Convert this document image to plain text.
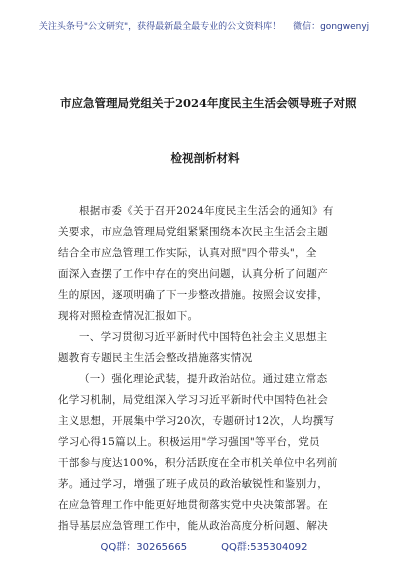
关注头条号"公文研究"，获得最新最全最专业的公文资料库！ 微信：gongwenyj
市应急管理局党组关于2024年度民主生活会领导班子对照
检视剖析材料
根据市委《关于召开2024年度民主生活会的通知》有
关要求，市应急管理局党组紧紧围绕本次民主生活会主题
结合全市应急管理工作实际，认真对照"四个带头"，全
面深入查摆了工作中存在的突出问题，认真分析了问题产
生的原因，逐项明确了下一步整改措施。按照会议安排，
现将对照检查情况汇报如下。
一、学习贯彻习近平新时代中国特色社会主义思想主
题教育专题民主生活会整改措施落实情况
（一）强化理论武装，提升政治站位。通过建立常态
化学习机制，局党组深入学习习近平新时代中国特色社会
主义思想，开展集中学习20次，专题研讨12次，人均撰写
学习心得15篇以上。积极运用"学习强国"等平台，党员
干部参与度达100%，积分活跃度在全市机关单位中名列前
茅。通过学习，增强了班子成员的政治敏锐性和鉴别力，
在应急管理工作中能更好地贯彻落实党中央决策部署。在
指导基层应急管理工作中，能从政治高度分析问题、解决
QQ群：30265665	QQ群:535304092
